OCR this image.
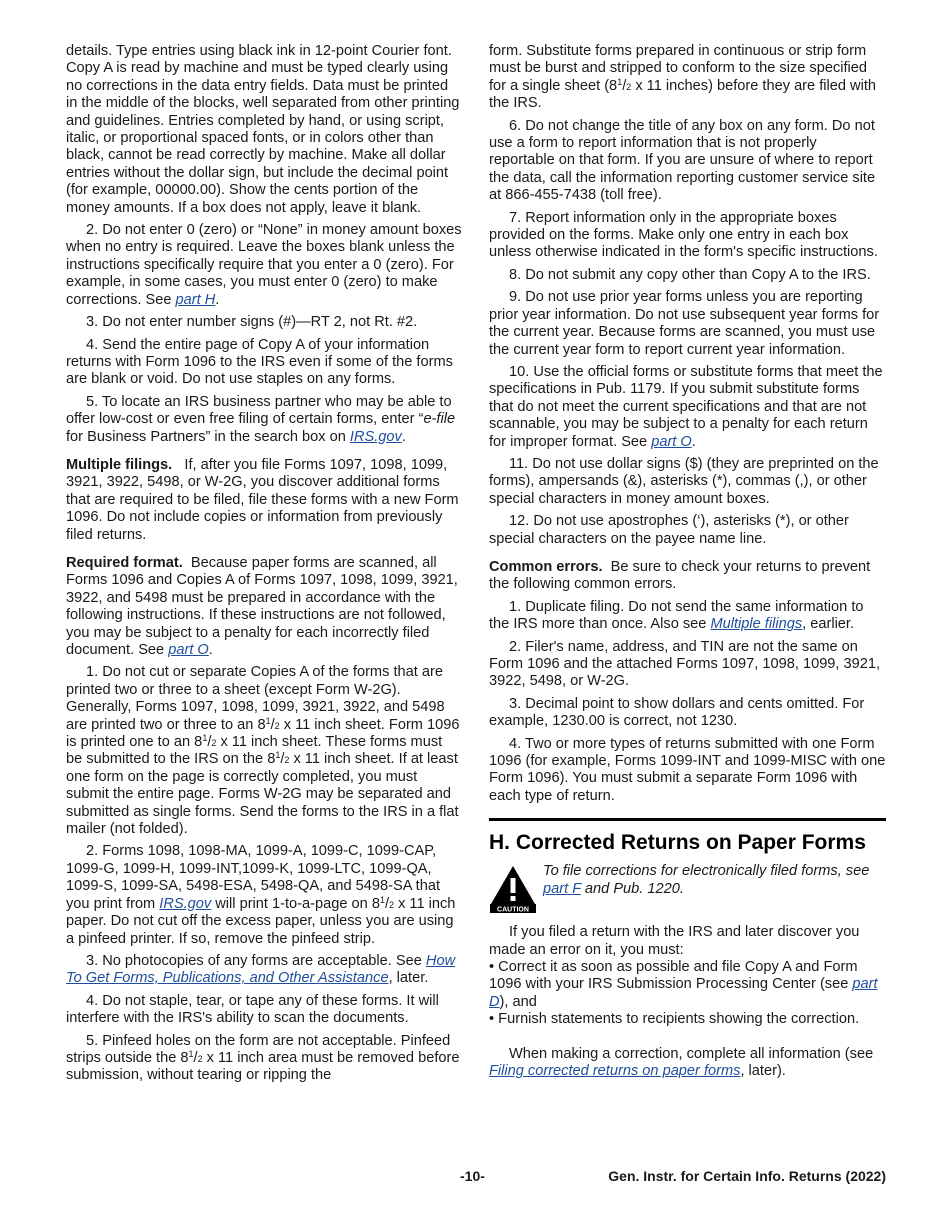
details. Type entries using black ink in 12-point Courier font. Copy A is read by machine and must be typed clearly using no corrections in the data entry fields. Data must be printed in the middle of the blocks, well separated from other printing and guidelines. Entries completed by hand, or using script, italic, or proportional spaced fonts, or in colors other than black, cannot be read correctly by machine. Make all dollar entries without the dollar sign, but include the decimal point (for example, 00000.00). Show the cents portion of the money amounts. If a box does not apply, leave it blank.

2. Do not enter 0 (zero) or “None” in money amount boxes when no entry is required. Leave the boxes blank unless the instructions specifically require that you enter a 0 (zero). For example, in some cases, you must enter 0 (zero) to make corrections. See part H.

3. Do not enter number signs (#)—RT 2, not Rt. #2.

4. Send the entire page of Copy A of your information returns with Form 1096 to the IRS even if some of the forms are blank or void. Do not use staples on any forms.

5. To locate an IRS business partner who may be able to offer low-cost or even free filing of certain forms, enter “e-file for Business Partners” in the search box on IRS.gov.

Multiple filings. If, after you file Forms 1097, 1098, 1099, 3921, 3922, 5498, or W-2G, you discover additional forms that are required to be filed, file these forms with a new Form 1096. Do not include copies or information from previously filed returns.

Required format. Because paper forms are scanned, all Forms 1096 and Copies A of Forms 1097, 1098, 1099, 3921, 3922, and 5498 must be prepared in accordance with the following instructions. If these instructions are not followed, you may be subject to a penalty for each incorrectly filed document. See part O.

1. Do not cut or separate Copies A of the forms that are printed two or three to a sheet (except Form W-2G). Generally, Forms 1097, 1098, 1099, 3921, 3922, and 5498 are printed two or three to an $8^1/2$ x 11 inch sheet. Form 1096 is printed one to an $8^1/2$ x 11 inch sheet. These forms must be submitted to the IRS on the $8^1/2$ x 11 inch sheet. If at least one form on the page is correctly completed, you must submit the entire page. Forms W-2G may be separated and submitted as single forms. Send the forms to the IRS in a flat mailer (not folded).

2. Forms 1098, 1098-MA, 1099-A, 1099-C, 1099-CAP, 1099-G, 1099-H, 1099-INT,1099-K, 1099-LTC, 1099-QA, 1099-S, 1099-SA, 5498-ESA, 5498-QA, and 5498-SA that you print from IRS.gov will print 1-to-a-page on $8^1/2$ x 11 inch paper. Do not cut off the excess paper, unless you are using a pinfeed printer. If so, remove the pinfeed strip.

3. No photocopies of any forms are acceptable. See How To Get Forms, Publications, and Other Assistance, later.

4. Do not staple, tear, or tape any of these forms. It will interfere with the IRS's ability to scan the documents.

5. Pinfeed holes on the form are not acceptable. Pinfeed strips outside the $8^1/2$ x 11 inch area must be removed before submission, without tearing or ripping the

form. Substitute forms prepared in continuous or strip form must be burst and stripped to conform to the size specified for a single sheet ($8^1/2$ x 11 inches) before they are filed with the IRS.

6. Do not change the title of any box on any form. Do not use a form to report information that is not properly reportable on that form. If you are unsure of where to report the data, call the information reporting customer service site at 866-455-7438 (toll free).

7. Report information only in the appropriate boxes provided on the forms. Make only one entry in each box unless otherwise indicated in the form's specific instructions.

8. Do not submit any copy other than Copy A to the IRS.

9. Do not use prior year forms unless you are reporting prior year information. Do not use subsequent year forms for the current year. Because forms are scanned, you must use the current year form to report current year information.

10. Use the official forms or substitute forms that meet the specifications in Pub. 1179. If you submit substitute forms that do not meet the current specifications and that are not scannable, you may be subject to a penalty for each return for improper format. See part O.

11. Do not use dollar signs ($) (they are preprinted on the forms), ampersands (&), asterisks (*), commas (,), or other special characters in money amount boxes.

12. Do not use apostrophes (‘), asterisks (*), or other special characters on the payee name line.

Common errors. Be sure to check your returns to prevent the following common errors.

1. Duplicate filing. Do not send the same information to the IRS more than once. Also see Multiple filings, earlier.

2. Filer's name, address, and TIN are not the same on Form 1096 and the attached Forms 1097, 1098, 1099, 3921, 3922, 5498, or W-2G.

3. Decimal point to show dollars and cents omitted. For example, 1230.00 is correct, not 1230.

4. Two or more types of returns submitted with one Form 1096 (for example, Forms 1099-INT and 1099-MISC with one Form 1096). You must submit a separate Form 1096 with each type of return.

H. Corrected Returns on Paper Forms
CAUTION
To file corrections for electronically filed forms, see part F and Pub. 1220.

If you filed a return with the IRS and later discover you made an error on it, you must:

• Correct it as soon as possible and file Copy A and Form 1096 with your IRS Submission Processing Center (see part D), and

• Furnish statements to recipients showing the correction.

When making a correction, complete all information (see Filing corrected returns on paper forms, later).

-10-	Gen. Instr. for Certain Info. Returns (2022)
